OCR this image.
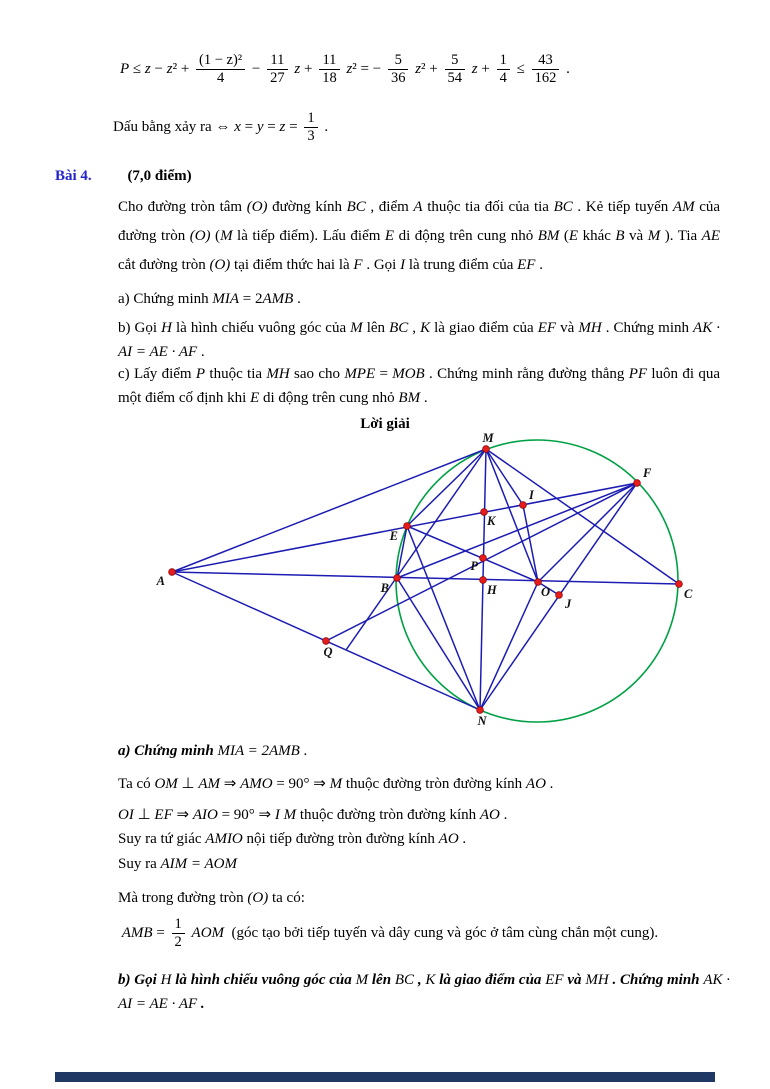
P ≤ z − z $^2 + \frac{\text{(1 − z)²}}{4} - \frac{11}{27}$
$z + \frac{11}{18}$
z ² = − $\frac{5}{36}$
z $^2 + \frac{5}{54}$
$z + \frac{1}{4} \le \frac{43}{162}$ .
Dấu bằng xảy ra ⇔ $x = y = z = \frac{1}{3}$ .
Bài 4. (7,0 điểm)
Cho đường tròn tâm (O) đường kính BC , điểm A thuộc tia đối của tia BC . Kẻ tiếp tuyến AM của đường tròn (O) (M là tiếp điểm). Lấu điểm E di động trên cung nhỏ BM (E khác B và M ). Tia AE cắt đường tròn (O) tại điểm thức hai là F . Gọi I là trung điểm của EF .
a) Chứng minh MIA = 2AMB .
b) Gọi H là hình chiếu vuông góc của M lên BC , K là giao điểm của EF và MH . Chứng minh AK · AI = AE · AF .
c) Lấy điểm P thuộc tia MH sao cho MPE = MOB . Chứng minh rằng đường thẳng PF luôn đi qua một điểm cố định khi E di động trên cung nhỏ BM .
Lời giải
A	B	C
E
M
F
I
K
P
H	O
J
Q
N
a) Chứng minh MIA = 2AMB .
Ta có OM ⊥ AM ⇒ AMO = 90° ⇒ M thuộc đường tròn đường kính AO .
OI ⊥ EF ⇒ AIO = 90° ⇒ I M thuộc đường tròn đường kính AO .
Suy ra tứ giác AMIO nội tiếp đường tròn đường kính AO .
Suy ra AIM = AOM
Mà trong đường tròn (O) ta có:

AMB = $\frac{1}{2}$
AOM (góc tạo bởi tiếp tuyến và dây cung và góc ở tâm cùng chắn một cung).
b) Gọi H là hình chiếu vuông góc của M lên BC , K là giao điểm của EF và MH . Chứng minh AK · AI = AE · AF .
